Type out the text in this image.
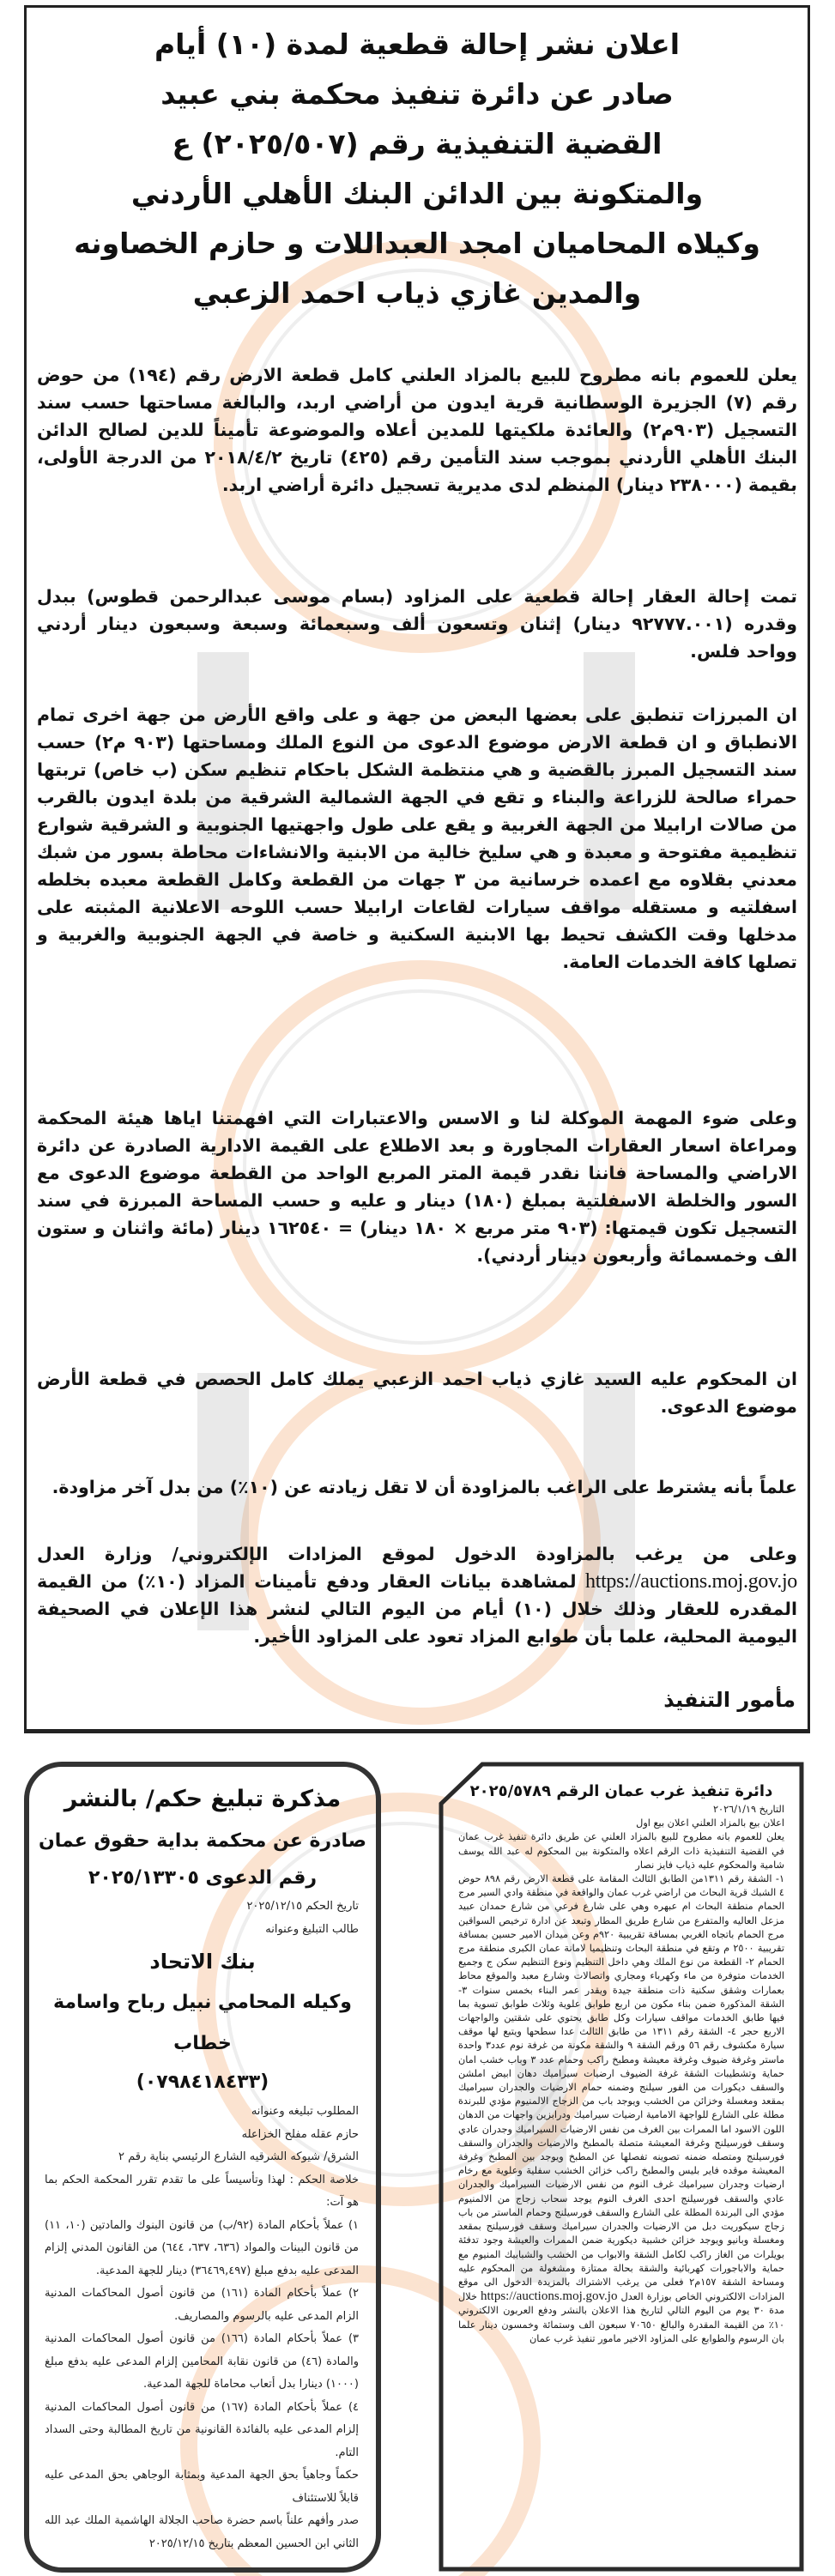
اعلان نشر إحالة قطعية لمدة (١٠) أيام
صادر عن دائرة تنفيذ محكمة بني عبيد
القضية التنفيذية رقم (٢٠٢٥/٥٠٧) ع
والمتكونة بين الدائن البنك الأهلي الأردني
وكيلاه المحاميان امجد العبداللات و حازم الخصاونه
والمدين غازي ذياب احمد الزعبي

يعلن للعموم بانه مطروح للبيع بالمزاد العلني كامل قطعة الارض رقم (١٩٤) من حوض رقم (٧) الجزيرة الوسطانية قرية ايدون من أراضي اربد، والبالغة مساحتها حسب سند التسجيل (٩٠٣م٢) والعائدة ملكيتها للمدين أعلاه والموضوعة تأميناً للدين لصالح الدائن البنك الأهلي الأردني بموجب سند التأمين رقم (٤٢٥) تاريخ ٢٠١٨/٤/٢ من الدرجة الأولى، بقيمة (٢٣٨٠٠٠ دينار) المنظم لدى مديرية تسجيل دائرة أراضي اربد.

تمت إحالة العقار إحالة قطعية على المزاود (بسام موسى عبدالرحمن قطوس) ببدل وقدره (٩٢٧٧٧.٠٠١ دينار) إثنان وتسعون ألف وسبعمائة وسبعة وسبعون دينار أردني وواحد فلس.

ان المبرزات تنطبق على بعضها البعض من جهة و على واقع الأرض من جهة اخرى تمام الانطباق و ان قطعة الارض موضوع الدعوى من النوع الملك ومساحتها (٩٠٣ م٢) حسب سند التسجيل المبرز بالقضية و هي منتظمة الشكل باحكام تنظيم سكن (ب خاص) تربتها حمراء صالحة للزراعة والبناء و تقع في الجهة الشمالية الشرقية من بلدة ايدون بالقرب من صالات ارابيلا من الجهة الغربية و يقع على طول واجهتيها الجنوبية و الشرقية شوارع تنظيمية مفتوحة و معبدة و هي سليخ خالية من الابنية والانشاءات محاطة بسور من شبك معدني بقلاوه مع اعمده خرسانية من ٣ جهات من القطعة وكامل القطعة معبده بخلطه اسفلتيه و مستقله مواقف سيارات لقاعات ارابيلا حسب اللوحه الاعلانية المثبته على مدخلها وقت الكشف تحيط بها الابنية السكنية و خاصة في الجهة الجنوبية والغربية و تصلها كافة الخدمات العامة.

وعلى ضوء المهمة الموكلة لنا و الاسس والاعتبارات التي افهمتنا اياها هيئة المحكمة ومراعاة اسعار العقارات المجاورة و بعد الاطلاع على القيمة الادارية الصادرة عن دائرة الاراضي والمساحة فاننا نقدر قيمة المتر المربع الواحد من القطعة موضوع الدعوى مع السور والخلطة الاسفلتية بمبلغ (١٨٠) دينار و عليه و حسب المساحة المبرزة في سند التسجيل تكون قيمتها: (٩٠٣ متر مربع × ١٨٠ دينار) = ١٦٢٥٤٠ دينار (مائة واثنان و ستون الف وخمسمائة وأربعون دينار أردني).

ان المحكوم عليه السيد غازي ذياب احمد الزعبي يملك كامل الحصص في قطعة الأرض موضوع الدعوى.

علماً بأنه يشترط على الراغب بالمزاودة أن لا تقل زيادته عن (١٠٪) من بدل آخر مزاودة.

وعلى من يرغب بالمزاودة الدخول لموقع المزادات الإلكتروني/ وزارة العدل https://auctions.moj.gov.jo لمشاهدة بيانات العقار ودفع تأمينات المزاد (١٠٪) من القيمة المقدره للعقار وذلك خلال (١٠) أيام من اليوم التالي لنشر هذا الإعلان في الصحيفة اليومية المحلية، علما بأن طوابع المزاد تعود على المزاود الأخير.

مأمور التنفيذ
مذكرة تبليغ حكم/ بالنشر
صادرة عن محكمة بداية حقوق عمان
رقم الدعوى ٢٠٢٥/١٣٣٠٥
تاريخ الحكم ٢٠٢٥/١٢/١٥
طالب التبليغ وعنوانه
بنك الاتحاد
وكيله المحامي نبيل رباح واسامة خطاب
(٠٧٩٨٤١٨٤٣٣)
المطلوب تبليغه وعنوانه
حازم عقله مفلح الخزاعله
الشرق/ شيوكه الشرقيه الشارع الرئيسي بناية رقم ٢
خلاصة الحكم : لهذا وتأسيساً على ما تقدم تقرر المحكمة الحكم بما هو آت:
١) عملاً بأحكام المادة (٩٢/ب) من قانون البنوك والمادتين (١٠، ١١) من قانون البينات والمواد (٦٣٦، ٦٣٧، ٦٤٤) من القانون المدني إلزام المدعى عليه بدفع مبلغ (٣٦٤٦٩,٤٩٧) دينار للجهة المدعية.
٢) عملاً بأحكام المادة (١٦١) من قانون أصول المحاكمات المدنية الزام المدعى عليه بالرسوم والمصاريف.
٣) عملاً بأحكام المادة (١٦٦) من قانون أصول المحاكمات المدنية والمادة (٤٦) من قانون نقابة المحامين إلزام المدعى عليه بدفع مبلغ (١٠٠٠) دينارا بدل أتعاب محاماة للجهة المدعية.
٤) عملاً بأحكام المادة (١٦٧) من قانون أصول المحاكمات المدنية إلزام المدعى عليه بالفائدة القانونية من تاريخ المطالبة وحتى السداد التام.
حكماً وجاهياً بحق الجهة المدعية وبمثابة الوجاهي بحق المدعى عليه قابلاً للاستئناف
صدر وأفهم علناً باسم حضرة صاحب الجلالة الهاشمية الملك عبد الله الثاني ابن الحسين المعظم بتاريخ ٢٠٢٥/١٢/١٥
دائرة تنفيذ غرب عمان الرقم ٢٠٢٥/٥٧٨٩
التاريخ ٢٠٢٦/١/١٩
اعلان بيع بالمزاد العلني اعلان بيع اول
يعلن للعموم بانه مطروح للبيع بالمزاد العلني عن طريق دائرة تنفيذ غرب عمان في القضية التنفيذية ذات الرقم اعلاه والمتكونة بين المحكوم له عبد الله يوسف شامية والمحكوم عليه ذياب فايز نصار
١- الشقة رقم ١٣١١من الطابق الثالث المقامة على قطعة الارض رقم ٨٩٨ حوض ٤ الشبك قرية البحاث من اراضي غرب عمان والواقعة في منطقة وادي السير مرج الحمام منطقة البحاث ام عبهره وهي على شارع فرعي من شارع حمدان عبيد مزعل العاليه والمتفرع من شارع طريق المطار وتبعد عن ادارة ترخيص السواقين مرج الحمام باتجاه الغربي بمسافة تقريبية ٩٢٠م وعن ميدان الامير حسين بمسافة تقريبية ٢٥٠٠ م وتقع في منطقة البحاث وتنظيميا لامانة عمان الكبرى منطقة مرج الحمام ٢- القطعة من نوع الملك وهي داخل التنظيم ونوع التنظيم سكن ج وجميع الخدمات متوفرة من ماء وكهرباء ومجاري واتصالات وشارع معبد والموقع محاط بعمارات وشقق سكنية ذات منطقة جيدة ويقدر عمر البناء بخمس سنوات ٣- الشقة المذكورة ضمن بناء مكون من اربع طوابق علوية وثلاث طوابق تسوية بما فيها طابق الخدمات مواقف سيارات وكل طابق يحتوي على شقتين والواجهات الاربع حجر ٤- الشقة رقم ١٣١١ من طابق الثالث عدا سطحها ويتبع لها موقف سيارة مكشوف رقم ٥٦ ورقم الشقة ٩ والشقة مكونة من غرفة نوم عدد٣ واحدة ماستر وغرفة ضيوف وغرفة معيشة ومطبخ راكب وحمام عدد ٣ وباب خشب امان حماية وتشطيبات الشقة غرفة الضيوف ارضيات سيراميك دهان ابيض املشن والسقف ديكورات من الفور سيلنج وضمنه حمام الارضيات والجدران سيراميك بمقعد ومغسلة وخزائن من الخشب ويوجد باب من الزجاج الالمنيوم مؤدي للبرندة مطلة على الشارع للواجهة الامامية ارضيات سيراميك ودرابزين واجهات من الدهان اللون الاسود اما الممرات بين الغرف من نفس الارضيات السيراميك وجدران عادي وسقف فورسيلنج وغرفة المعيشة متصلة بالمطبخ والارضيات والجدران والسقف فورسيلنج ومتصله ضمنه تصوينه تفصلها عن المطبخ ويوجد بين المطبخ وغرفة المعيشة موقده فاير بليس والمطبخ راكب خزائن الخشب سفلية وعلوية مع رخام ارضيات وجدران سيراميك غرف النوم من نفس الارضيات السيراميك والجدران عادي والسقف فورسيلنج احدى الغرف النوم يوجد سحاب زجاج من الالمنيوم مؤدي الى البرندة المطلة على الشارع والسقف فورسيلنج وحمام الماستر من باب زجاج سيكوريت دبل من الارضيات والجدران سيراميك وسقف فورسيلنج بمقعد ومغسلة وبانيو ويوجد خزائن خشبية ديكورية ضمن الممرات والعيشة وجود تدفئة بويلرات من الغاز راكب لكامل الشقة والابواب من الخشب والشبابيك المنيوم مع حماية والاباجورات كهربائية والشقة بحالة ممتازة ومشغولة من المحكوم عليه ومساحة الشقة ١٥٧م٢ فعلى من يرغب الاشتراك بالمزيدة الدخول الى موقع المزادات الالكتروني الخاص بوزارة العدل https://auctions.moj.gov.jo خلال مدة ٣٠ يوم من اليوم التالي لتاريخ هذا الاعلان بالنشر ودفع العربون الالكتروني ١٠٪ من القيمة المقدرة والبالغ ٧٠٦٥٠ سبعون الف وستمائة وخمسون دينار علما بان الرسوم والطوابع على المزاود الاخير مامور تنفيذ غرب عمان
